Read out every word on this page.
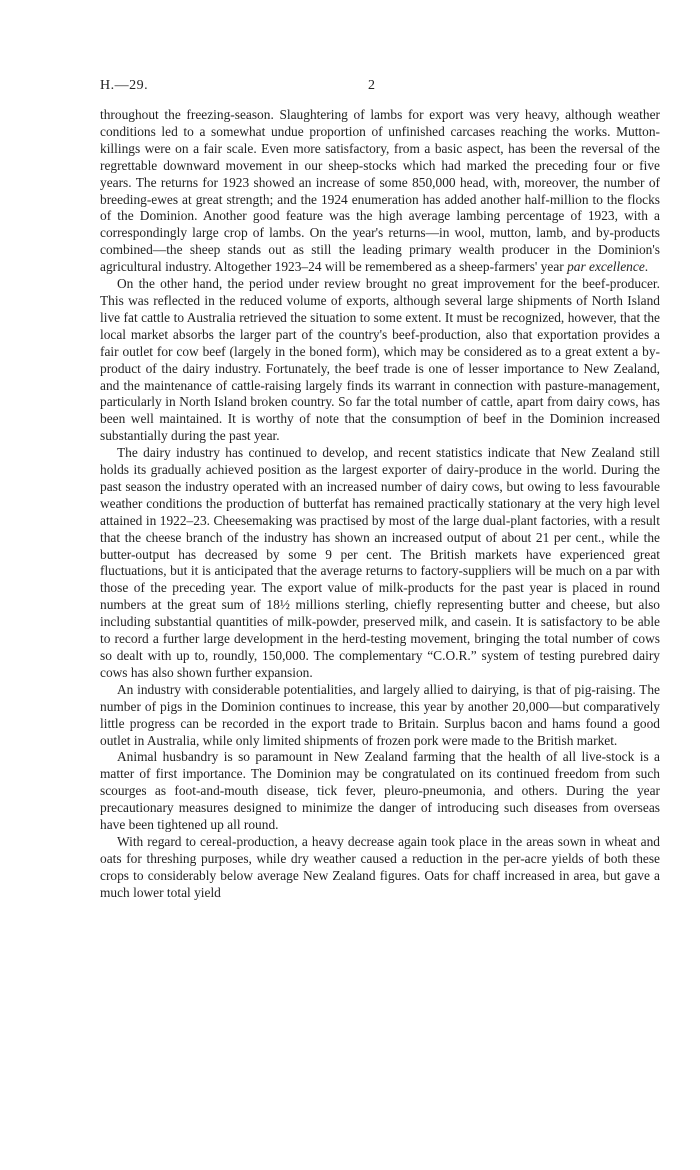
H.—29.	2

throughout the freezing-season. Slaughtering of lambs for export was very heavy, although weather conditions led to a somewhat undue proportion of unfinished carcases reaching the works. Mutton-killings were on a fair scale. Even more satisfactory, from a basic aspect, has been the reversal of the regrettable downward movement in our sheep-stocks which had marked the preceding four or five years. The returns for 1923 showed an increase of some 850,000 head, with, moreover, the number of breeding-ewes at great strength; and the 1924 enumeration has added another half-million to the flocks of the Dominion. Another good feature was the high average lambing percentage of 1923, with a correspondingly large crop of lambs. On the year's returns—in wool, mutton, lamb, and by-products combined—the sheep stands out as still the leading primary wealth producer in the Dominion's agricultural industry. Altogether 1923–24 will be remembered as a sheep-farmers' year par excellence.

On the other hand, the period under review brought no great improvement for the beef-producer. This was reflected in the reduced volume of exports, although several large shipments of North Island live fat cattle to Australia retrieved the situation to some extent. It must be recognized, however, that the local market absorbs the larger part of the country's beef-production, also that exportation provides a fair outlet for cow beef (largely in the boned form), which may be considered as to a great extent a by-product of the dairy industry. Fortunately, the beef trade is one of lesser importance to New Zealand, and the maintenance of cattle-raising largely finds its warrant in connection with pasture-management, particularly in North Island broken country. So far the total number of cattle, apart from dairy cows, has been well maintained. It is worthy of note that the consumption of beef in the Dominion increased substantially during the past year.

The dairy industry has continued to develop, and recent statistics indicate that New Zealand still holds its gradually achieved position as the largest exporter of dairy-produce in the world. During the past season the industry operated with an increased number of dairy cows, but owing to less favourable weather conditions the production of butterfat has remained practically stationary at the very high level attained in 1922–23. Cheesemaking was practised by most of the large dual-plant factories, with a result that the cheese branch of the industry has shown an increased output of about 21 per cent., while the butter-output has decreased by some 9 per cent. The British markets have experienced great fluctuations, but it is anticipated that the average returns to factory-suppliers will be much on a par with those of the preceding year. The export value of milk-products for the past year is placed in round numbers at the great sum of 18½ millions sterling, chiefly representing butter and cheese, but also including substantial quantities of milk-powder, preserved milk, and casein. It is satisfactory to be able to record a further large development in the herd-testing movement, bringing the total number of cows so dealt with up to, roundly, 150,000. The complementary “C.O.R.” system of testing purebred dairy cows has also shown further expansion.

An industry with considerable potentialities, and largely allied to dairying, is that of pig-raising. The number of pigs in the Dominion continues to increase, this year by another 20,000—but comparatively little progress can be recorded in the export trade to Britain. Surplus bacon and hams found a good outlet in Australia, while only limited shipments of frozen pork were made to the British market.

Animal husbandry is so paramount in New Zealand farming that the health of all live-stock is a matter of first importance. The Dominion may be congratulated on its continued freedom from such scourges as foot-and-mouth disease, tick fever, pleuro-pneumonia, and others. During the year precautionary measures designed to minimize the danger of introducing such diseases from overseas have been tightened up all round.

With regard to cereal-production, a heavy decrease again took place in the areas sown in wheat and oats for threshing purposes, while dry weather caused a reduction in the per-acre yields of both these crops to considerably below average New Zealand figures. Oats for chaff increased in area, but gave a much lower total yield
